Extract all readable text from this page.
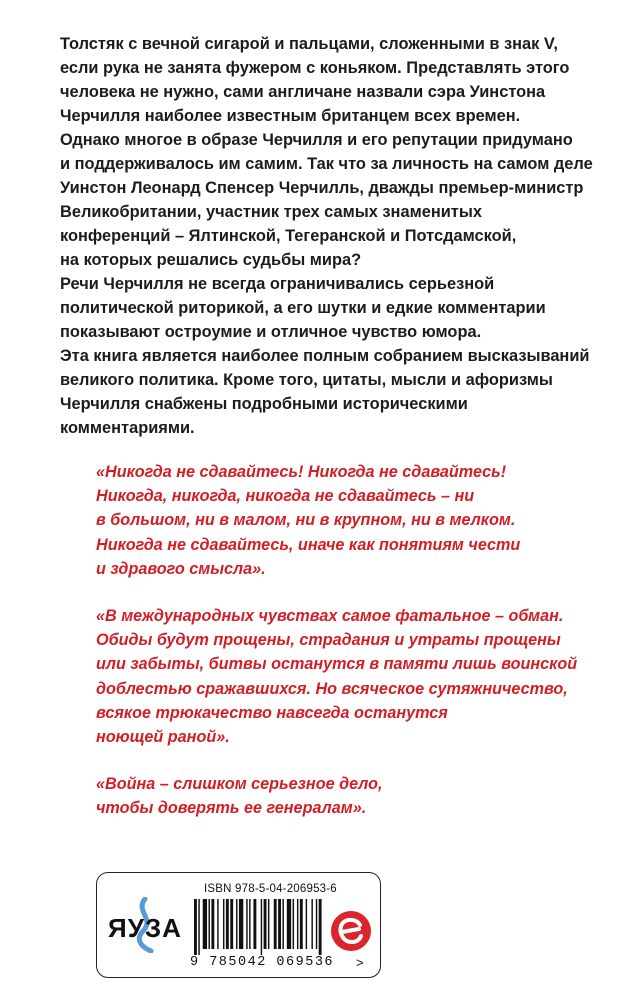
Толстяк с вечной сигарой и пальцами, сложенными в знак V,
если рука не занята фужером с коньяком. Представлять этого
человека не нужно, сами англичане назвали сэра Уинстона
Черчилля наиболее известным британцем всех времен.
Однако многое в образе Черчилля и его репутации придумано
и поддерживалось им самим. Так что за личность на самом деле
Уинстон Леонард Спенсер Черчилль, дважды премьер-министр
Великобритании, участник трех самых знаменитых
конференций – Ялтинской, Тегеранской и Потсдамской,
на которых решались судьбы мира?
Речи Черчилля не всегда ограничивались серьезной
политической риторикой, а его шутки и едкие комментарии
показывают остроумие и отличное чувство юмора.
Эта книга является наиболее полным собранием высказываний
великого политика. Кроме того, цитаты, мысли и афоризмы
Черчилля снабжены подробными историческими
комментариями.
«Никогда не сдавайтесь! Никогда не сдавайтесь!
Никогда, никогда, никогда не сдавайтесь – ни
в большом, ни в малом, ни в крупном, ни в мелком.
Никогда не сдавайтесь, иначе как понятиям чести
и здравого смысла».
«В международных чувствах самое фатальное – обман.
Обиды будут прощены, страдания и утраты прощены
или забыты, битвы останутся в памяти лишь воинской
доблестью сражавшихся. Но всяческое сутяжничество,
всякое трюкачество навсегда останутся
ноющей раной».
«Война – слишком серьезное дело,
чтобы доверять ее генералам».
ЯУЗА
ISBN 978-5-04-206953-6
9 785042 069536 >
